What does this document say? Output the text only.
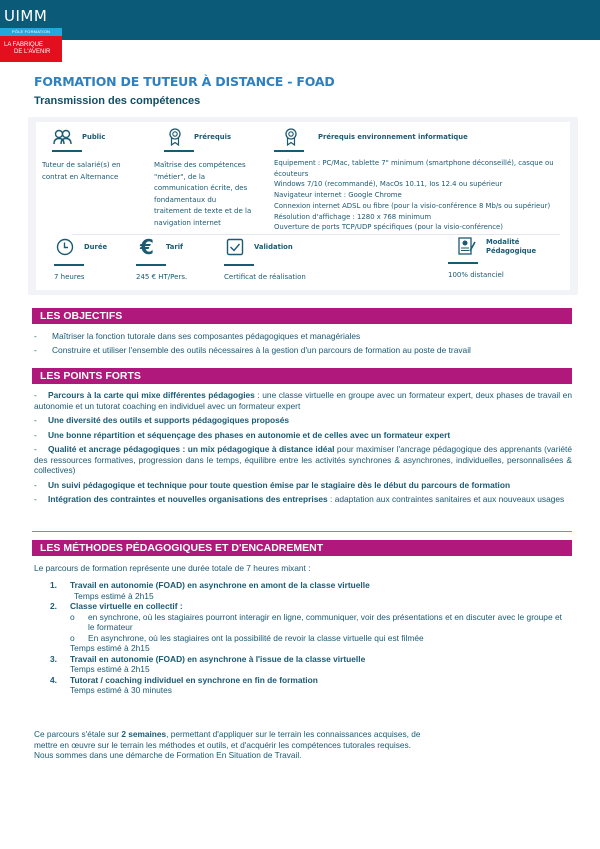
UIMM
PÔLE FORMATION
LA FABRIQUE
DE L'AVENIR
FORMATION DE TUTEUR À DISTANCE - FOAD
Transmission des compétences
Public
Tuteur de salarié(s) en
contrat en Alternance
Prérequis
Maîtrise des compétences
"métier", de la
communication écrite, des
fondamentaux du
traitement de texte et de la
navigation internet
Prérequis environnement informatique
Equipement : PC/Mac, tablette 7" minimum (smartphone déconseillé), casque ou
écouteurs
Windows 7/10 (recommandé), MacOs 10.11, Ios 12.4 ou supérieur
Navigateur internet : Google Chrome
Connexion internet ADSL ou fibre (pour la visio-conférence 8 Mb/s ou supérieur)
Résolution d'affichage : 1280 x 768 minimum
Ouverture de ports TCP/UDP spécifiques (pour la visio-conférence)
Durée
7 heures
€	Tarif
245 € HT/Pers.
Validation
Certificat de réalisation
Modalité
Pédagogique
100% distanciel
LES OBJECTIFS
- Maîtriser la fonction tutorale dans ses composantes pédagogiques et managériales
- Construire et utiliser l'ensemble des outils nécessaires à la gestion d'un parcours de formation au poste de travail
LES POINTS FORTS
- Parcours à la carte qui mixe différentes pédagogies : une classe virtuelle en groupe avec un formateur expert, deux phases de travail en autonomie et un tutorat coaching en individuel avec un formateur expert
- Une diversité des outils et supports pédagogiques proposés
- Une bonne répartition et séquençage des phases en autonomie et de celles avec un formateur expert
- Qualité et ancrage pédagogiques : un mix pédagogique à distance idéal pour maximiser l'ancrage pédagogique des apprenants (variété des ressources formatives, progression dans le temps, équilibre entre les activités synchrones & asynchrones, individuelles, personnalisées & collectives)
- Un suivi pédagogique et technique pour toute question émise par le stagiaire dès le début du parcours de formation
- Intégration des contraintes et nouvelles organisations des entreprises : adaptation aux contraintes sanitaires et aux nouveaux usages
LES MÉTHODES PÉDAGOGIQUES ET D'ENCADREMENT
Le parcours de formation représente une durée totale de 7 heures mixant :
1. Travail en autonomie (FOAD) en asynchrone en amont de la classe virtuelle
Temps estimé à 2h15
2. Classe virtuelle en collectif :
o	en synchrone, où les stagiaires pourront interagir en ligne, communiquer, voir des présentations et en discuter avec le groupe et le formateur
o	En asynchrone, où les stagiaires ont la possibilité de revoir la classe virtuelle qui est filmée
Temps estimé à 2h15
3. Travail en autonomie (FOAD) en asynchrone à l'issue de la classe virtuelle
Temps estimé à 2h15
4. Tutorat / coaching individuel en synchrone en fin de formation
Temps estimé à 30 minutes
Ce parcours s'étale sur 2 semaines, permettant d'appliquer sur le terrain les connaissances acquises, de
mettre en œuvre sur le terrain les méthodes et outils, et d'acquérir les compétences tutorales requises.
Nous sommes dans une démarche de Formation En Situation de Travail.
